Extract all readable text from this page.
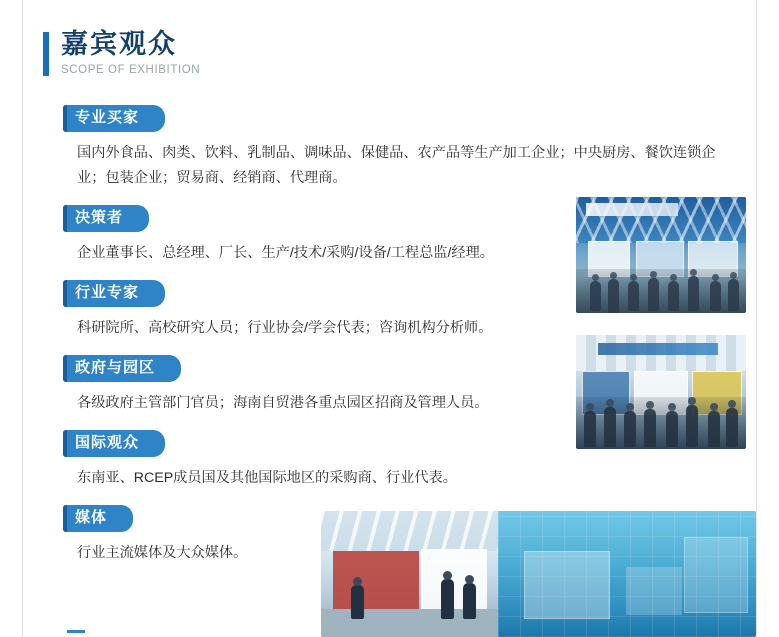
嘉宾观众
SCOPE OF EXHIBITION
专业买家
国内外食品、肉类、饮料、乳制品、调味品、保健品、农产品等生产加工企业；中央厨房、餐饮连锁企业；包装企业；贸易商、经销商、代理商。
决策者
企业董事长、总经理、厂长、生产/技术/采购/设备/工程总监/经理。
行业专家
科研院所、高校研究人员；行业协会/学会代表；咨询机构分析师。
政府与园区
各级政府主管部门官员；海南自贸港各重点园区招商及管理人员。
国际观众
东南亚、RCEP成员国及其他国际地区的采购商、行业代表。
媒体
行业主流媒体及大众媒体。
